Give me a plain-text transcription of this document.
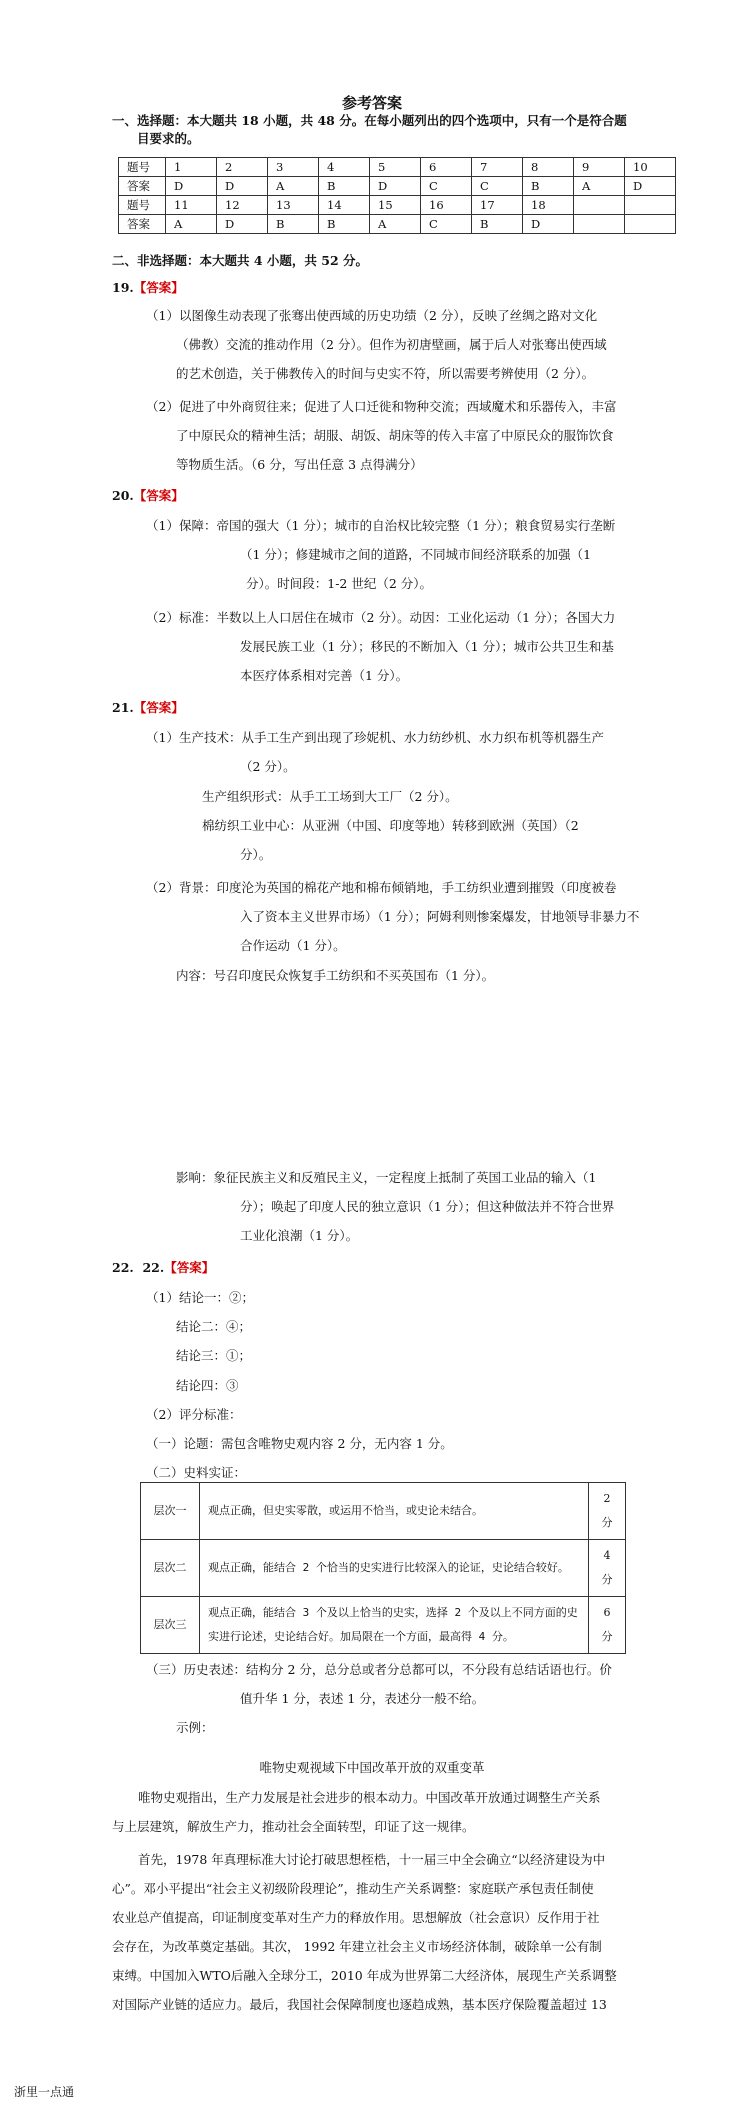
参考答案
一、选择题：本大题共 18 小题，共 48 分。在每小题列出的四个选项中，只有一个是符合题
目要求的。
题号	1	2	3	4	5	6	7	8	9	10
答案	D	D	A	B	D	C	C	B	A	D
题号	11	12	13	14	15	16	17	18		
答案	A	D	B	B	A	C	B	D		
二、非选择题：本大题共 4 小题，共 52 分。
19.【答案】
（1）以图像生动表现了张骞出使西域的历史功绩（2 分），反映了丝绸之路对文化
（佛教）交流的推动作用（2 分）。但作为初唐壁画，属于后人对张骞出使西域
的艺术创造，关于佛教传入的时间与史实不符，所以需要考辨使用（2 分）。
（2）促进了中外商贸往来；促进了人口迁徙和物种交流；西域魔术和乐器传入，丰富
了中原民众的精神生活；胡服、胡饭、胡床等的传入丰富了中原民众的服饰饮食
等物质生活。（6 分，写出任意 3 点得满分）
20.【答案】
（1）保障：帝国的强大（1 分）；城市的自治权比较完整（1 分）；粮食贸易实行垄断
（1 分）；修建城市之间的道路，不同城市间经济联系的加强（1
分）。时间段：1-2 世纪（2 分）。
（2）标准：半数以上人口居住在城市（2 分）。动因：工业化运动（1 分）；各国大力
发展民族工业（1 分）；移民的不断加入（1 分）；城市公共卫生和基
本医疗体系相对完善（1 分）。
21.【答案】
（1）生产技术：从手工生产到出现了珍妮机、水力纺纱机、水力织布机等机器生产
（2 分）。
生产组织形式：从手工工场到大工厂（2 分）。
棉纺织工业中心：从亚洲（中国、印度等地）转移到欧洲（英国）（2
分）。
（2）背景：印度沦为英国的棉花产地和棉布倾销地，手工纺织业遭到摧毁（印度被卷
入了资本主义世界市场）（1 分）；阿姆利则惨案爆发，甘地领导非暴力不
合作运动（1 分）。
内容：号召印度民众恢复手工纺织和不买英国布（1 分）。
影响：象征民族主义和反殖民主义，一定程度上抵制了英国工业品的输入（1
分）；唤起了印度人民的独立意识（1 分）；但这种做法并不符合世界
工业化浪潮（1 分）。
22. 22.【答案】
（1）结论一：②；
结论二：④；
结论三：①；
结论四：③
（2）评分标准：
（一）论题：需包含唯物史观内容 2 分，无内容 1 分。
（二）史料实证：
层次一	观点正确，但史实零散，或运用不恰当，或史论未结合。	2 分
层次二	观点正确，能结合 2 个恰当的史实进行比较深入的论证，史论结合较好。	4 分
层次三	观点正确，能结合 3 个及以上恰当的史实，选择 2 个及以上不同方面的史实进行论述，史论结合好。加局限在一个方面，最高得 4 分。	6 分
（三）历史表述：结构分 2 分，总分总或者分总都可以，不分段有总结话语也行。价
值升华 1 分，表述 1 分，表述分一般不给。
示例：
唯物史观视域下中国改革开放的双重变革
唯物史观指出，生产力发展是社会进步的根本动力。中国改革开放通过调整生产关系
与上层建筑，解放生产力，推动社会全面转型，印证了这一规律。
首先，1978 年真理标准大讨论打破思想桎梏，十一届三中全会确立“以经济建设为中
心”。邓小平提出“社会主义初级阶段理论”，推动生产关系调整：家庭联产承包责任制使
农业总产值提高，印证制度变革对生产力的释放作用。思想解放（社会意识）反作用于社
会存在，为改革奠定基础。其次， 1992 年建立社会主义市场经济体制，破除单一公有制
束缚。中国加入WTO后融入全球分工，2010 年成为世界第二大经济体，展现生产关系调整
对国际产业链的适应力。最后，我国社会保障制度也逐趋成熟，基本医疗保险覆盖超过 13
浙里一点通
